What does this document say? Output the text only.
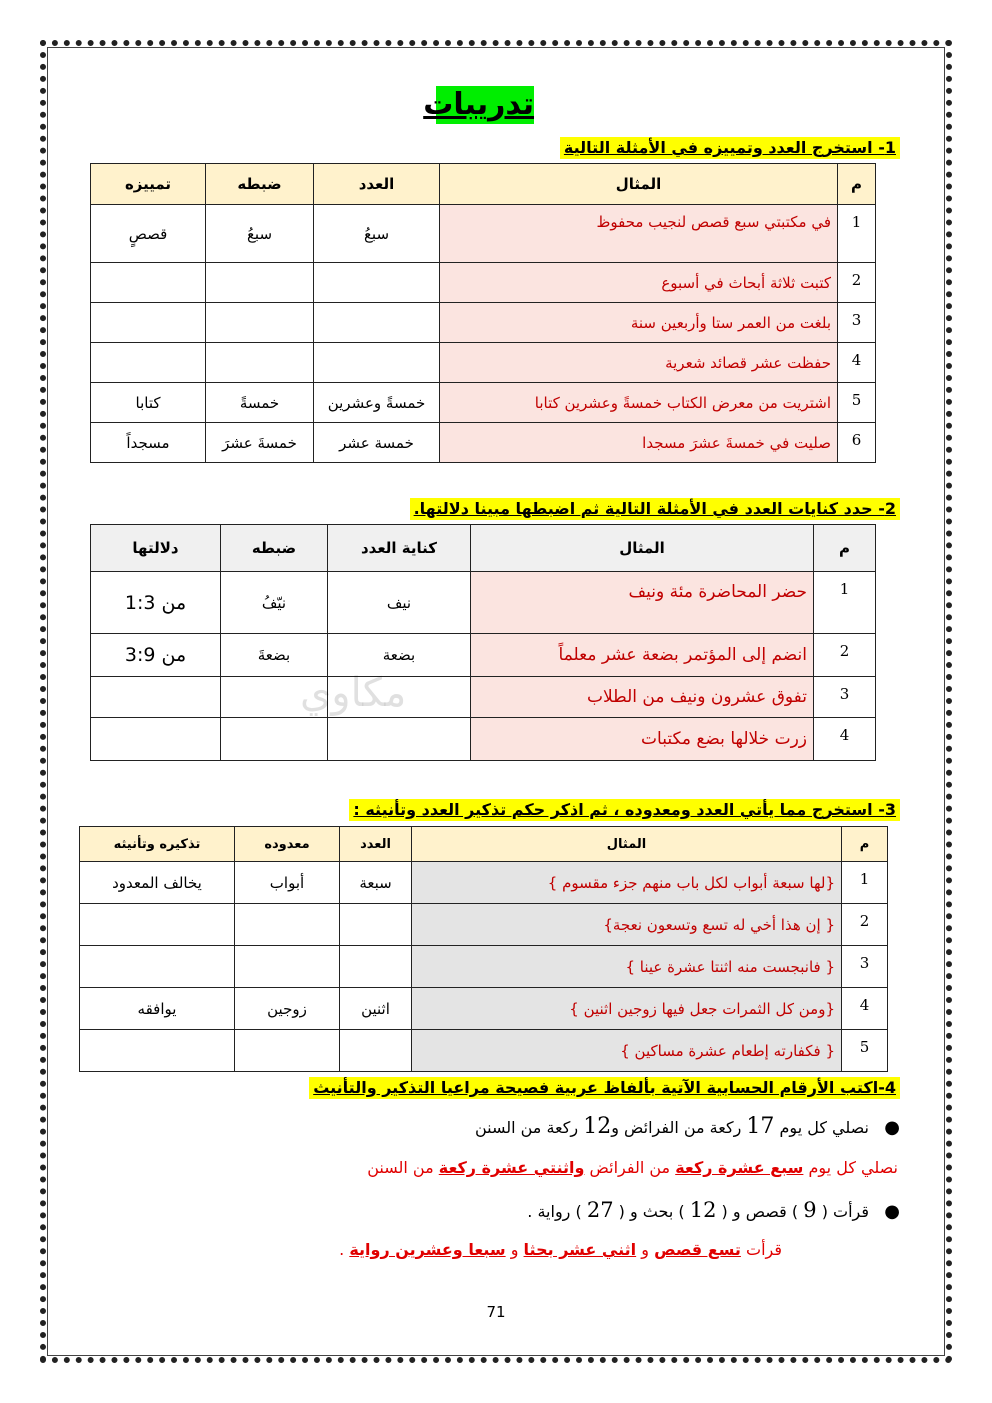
تدريبات
1- استخرج العدد وتمييزه في الأمثلة التالية
م	المثال	العدد	ضبطه	تمييزه
1	في مكتبتي سبع قصص لنجيب محفوظ	سبعُ	سبعُ	قصصٍ
2	كتبت ثلاثة أبحاث في أسبوع			
3	بلغت من العمر ستا وأربعين سنة			
4	حفظت عشر قصائد شعرية			
5	اشتريت من معرض الكتاب خمسةً وعشرين كتابا	خمسةً وعشرين	خمسةً	كتابا
6	صليت في خمسةَ عشرَ مسجدا	خمسة عشر	خمسةَ عشرَ	مسجداً
2- حدد كنايات العدد في الأمثلة التالية ثم اضبطها مبينا دلالتها.
م	المثال	كناية العدد	ضبطه	دلالتها
1	حضر المحاضرة مئة ونيف	نيف	نيّفُ	من 1:3
2	انضم إلى المؤتمر بضعة عشر معلماً	بضعة	بضعةَ	من 3:9
3	تفوق عشرون ونيف من الطلاب			
4	زرت خلالها بضع مكتبات			
مكاوي
3- استخرج مما يأتي العدد ومعدوده ، ثم اذكر حكم تذكير العدد وتأنيثه :
م	المثال	العدد	معدوده	تذكيره وتأنيثه
1	{لها سبعة أبواب لكل باب منهم جزء مقسوم }	سبعة	أبواب	يخالف المعدود
2	{ إن هذا أخي له تسع وتسعون نعجة}			
3	{ فانبجست منه اثنتا عشرة عينا }			
4	{ومن كل الثمرات جعل فيها زوجين اثنين }	اثنين	زوجين	يوافقه
5	{ فكفارته إطعام عشرة مساكين }			
4-اكتب الأرقام الحسابية الآتية بألفاظ عربية فصيحة مراعيا التذكير والتأنيث
●   نصلي كل يوم 17 ركعة من الفرائض و12 ركعة من السنن
نصلي كل يوم سبع عشرة ركعة من الفرائض واثنتي عشرة ركعة من السنن
●   قرأت ( 9 ) قصص و ( 12 ) بحث و ( 27 ) رواية .
قرأت تسع قصص و اثني عشر بحثا و سبعا وعشرين رواية .
71
